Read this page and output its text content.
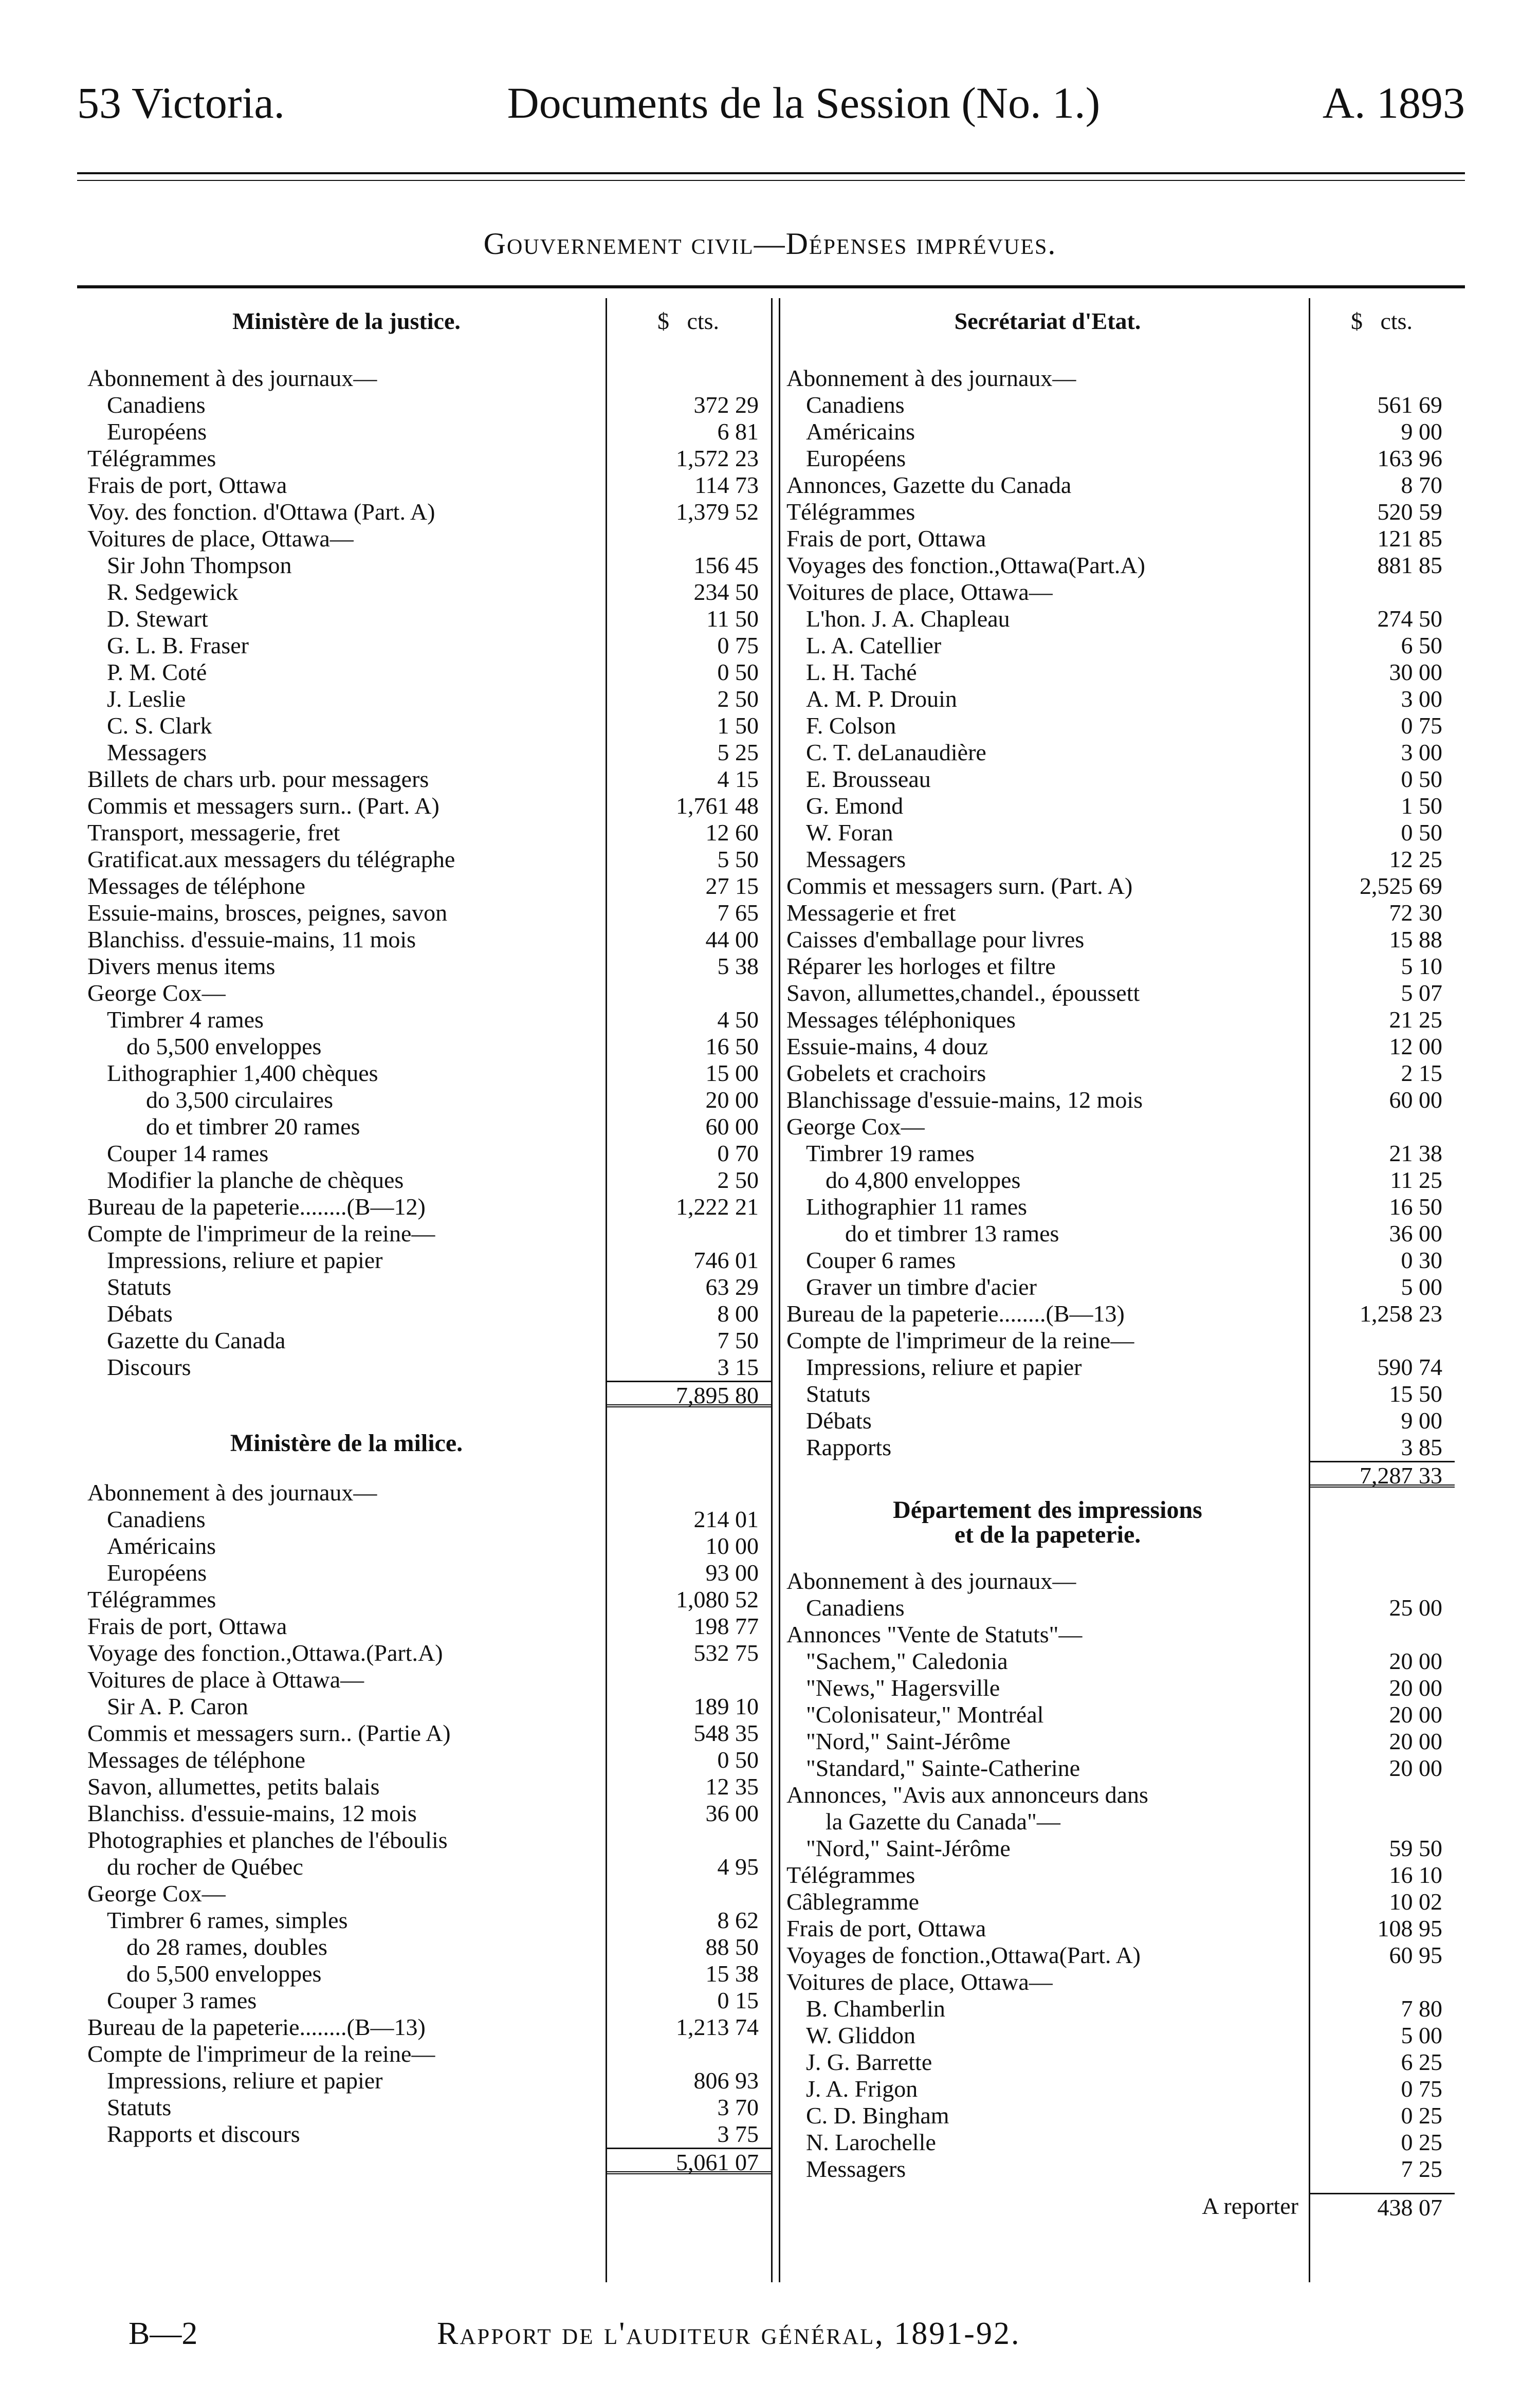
53 Victoria.	Documents de la Session (No. 1.)	A. 1893
Gouvernement civil—Dépenses imprévues.
$ cts.	$ cts.
Ministère de la justice.
Abonnement à des journaux—
Canadiens	372 29
Européens	6 81
Télégrammes	1,572 23
Frais de port, Ottawa	114 73
Voy. des fonction. d'Ottawa (Part. A)	1,379 52
Voitures de place, Ottawa—
Sir John Thompson	156 45
R. Sedgewick	234 50
D. Stewart	11 50
G. L. B. Fraser	0 75
P. M. Coté	0 50
J. Leslie	2 50
C. S. Clark	1 50
Messagers	5 25
Billets de chars urb. pour messagers	4 15
Commis et messagers surn.. (Part. A)	1,761 48
Transport, messagerie, fret	12 60
Gratificat.aux messagers du télégraphe	5 50
Messages de téléphone	27 15
Essuie-mains, brosces, peignes, savon	7 65
Blanchiss. d'essuie-mains, 11 mois	44 00
Divers menus items	5 38
George Cox—
Timbrer 4 rames	4 50
do 5,500 enveloppes	16 50
Lithographier 1,400 chèques	15 00
do 3,500 circulaires	20 00
do et timbrer 20 rames	60 00
Couper 14 rames	0 70
Modifier la planche de chèques	2 50
Bureau de la papeterie........(B—12)	1,222 21
Compte de l'imprimeur de la reine—
Impressions, reliure et papier	746 01
Statuts	63 29
Débats	8 00
Gazette du Canada	7 50
Discours	3 15
7,895 80
Ministère de la milice.
Abonnement à des journaux—
Canadiens	214 01
Américains	10 00
Européens	93 00
Télégrammes	1,080 52
Frais de port, Ottawa	198 77
Voyage des fonction.,Ottawa.(Part.A)	532 75
Voitures de place à Ottawa—
Sir A. P. Caron	189 10
Commis et messagers surn.. (Partie A)	548 35
Messages de téléphone	0 50
Savon, allumettes, petits balais	12 35
Blanchiss. d'essuie-mains, 12 mois	36 00
Photographies et planches de l'éboulis
du rocher de Québec	4 95
George Cox—
Timbrer 6 rames, simples	8 62
do 28 rames, doubles	88 50
do 5,500 enveloppes	15 38
Couper 3 rames	0 15
Bureau de la papeterie........(B—13)	1,213 74
Compte de l'imprimeur de la reine—
Impressions, reliure et papier	806 93
Statuts	3 70
Rapports et discours	3 75
5,061 07
Secrétariat d'Etat.
Abonnement à des journaux—
Canadiens	561 69
Américains	9 00
Européens	163 96
Annonces, Gazette du Canada	8 70
Télégrammes	520 59
Frais de port, Ottawa	121 85
Voyages des fonction.,Ottawa(Part.A)	881 85
Voitures de place, Ottawa—
L'hon. J. A. Chapleau	274 50
L. A. Catellier	6 50
L. H. Taché	30 00
A. M. P. Drouin	3 00
F. Colson	0 75
C. T. deLanaudière	3 00
E. Brousseau	0 50
G. Emond	1 50
W. Foran	0 50
Messagers	12 25
Commis et messagers surn. (Part. A)	2,525 69
Messagerie et fret	72 30
Caisses d'emballage pour livres	15 88
Réparer les horloges et filtre	5 10
Savon, allumettes,chandel., époussett	5 07
Messages téléphoniques	21 25
Essuie-mains, 4 douz	12 00
Gobelets et crachoirs	2 15
Blanchissage d'essuie-mains, 12 mois	60 00
George Cox—
Timbrer 19 rames	21 38
do 4,800 enveloppes	11 25
Lithographier 11 rames	16 50
do et timbrer 13 rames	36 00
Couper 6 rames	0 30
Graver un timbre d'acier	5 00
Bureau de la papeterie........(B—13)	1,258 23
Compte de l'imprimeur de la reine—
Impressions, reliure et papier	590 74
Statuts	15 50
Débats	9 00
Rapports	3 85
7,287 33
Département des impressions
et de la papeterie.
Abonnement à des journaux—
Canadiens	25 00
Annonces "Vente de Statuts"—
"Sachem," Caledonia	20 00
"News," Hagersville	20 00
"Colonisateur," Montréal	20 00
"Nord," Saint-Jérôme	20 00
"Standard," Sainte-Catherine	20 00
Annonces, "Avis aux annonceurs dans
la Gazette du Canada"—
"Nord," Saint-Jérôme	59 50
Télégrammes	16 10
Câblegramme	10 02
Frais de port, Ottawa	108 95
Voyages de fonction.,Ottawa(Part. A)	60 95
Voitures de place, Ottawa—
B. Chamberlin	7 80
W. Gliddon	5 00
J. G. Barrette	6 25
J. A. Frigon	0 75
C. D. Bingham	0 25
N. Larochelle	0 25
Messagers	7 25
A reporter	438 07
B—2	Rapport de l'auditeur général, 1891-92.
